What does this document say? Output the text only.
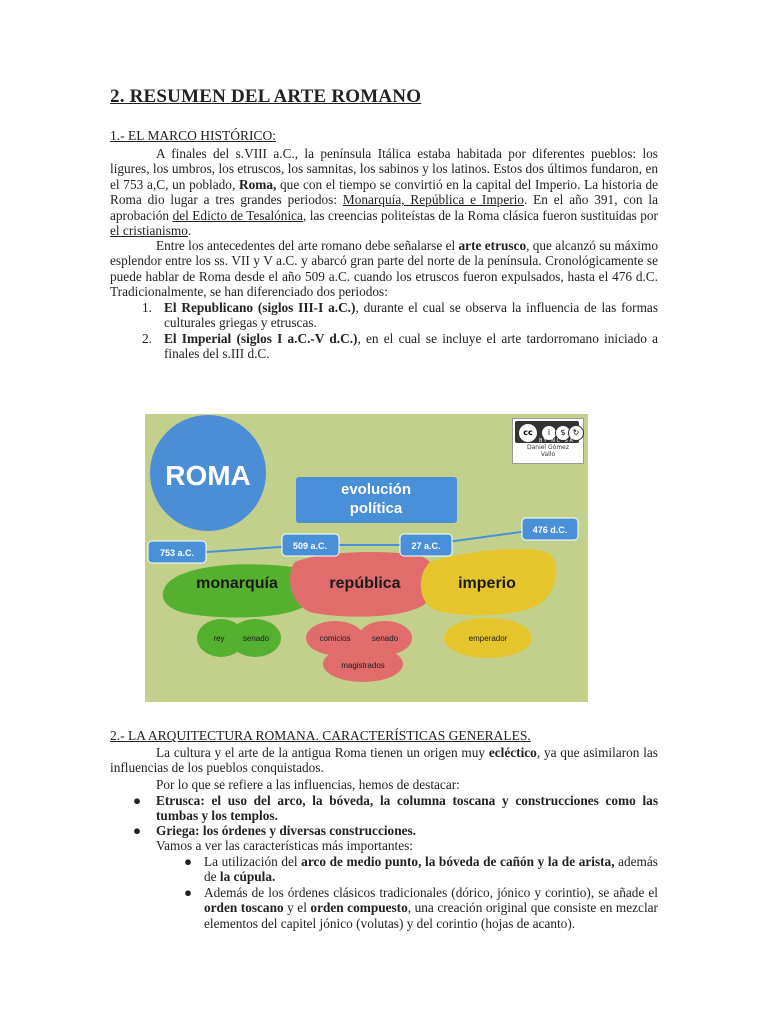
2. RESUMEN DEL ARTE ROMANO
1.- EL MARCO HISTÓRICO:

A finales del s.VIII a.C., la península Itálica estaba habitada por diferentes pueblos: los ligures, los umbros, los etruscos, los samnitas, los sabinos y los latinos. Estos dos últimos fundaron, en el 753 a,C, un poblado, Roma, que con el tiempo se convirtió en la capital del Imperio. La historia de Roma dio lugar a tres grandes periodos: Monarquía, República e Imperio. En el año 391, con la aprobación del Edicto de Tesalónica, las creencias politeístas de la Roma clásica fueron sustituidas por el cristianismo.

Entre los antecedentes del arte romano debe señalarse el arte etrusco, que alcanzó su máximo esplendor entre los ss. VII y V a.C. y abarcó gran parte del norte de la península. Cronológicamente se puede hablar de Roma desde el año 509 a.C. cuando los etruscos fueron expulsados, hasta el 476 d.C. Tradicionalmente, se han diferenciado dos periodos:

1. El Republicano (siglos III-I a.C.), durante el cual se observa la influencia de las formas culturales griegas y etruscas.
2. El Imperial (siglos I a.C.-V d.C.), en el cual se incluye el arte tardorromano iniciado a finales del s.III d.C.
ROMA	evolución
política
monarquía	república	imperio
753 a.C.
509 a.C.	27 a.C.
476 d.C.
rey senado	comicios	senado
magistrados
emperador
cc	i	$ ↻
BY NC SA
Daniel Gómez
Vallo
2.- LA ARQUITECTURA ROMANA. CARACTERÍSTICAS GENERALES.

La cultura y el arte de la antigua Roma tienen un origen muy ecléctico, ya que asimilaron las influencias de los pueblos conquistados.

Por lo que se refiere a las influencias, hemos de destacar:

●	Etrusca: el uso del arco, la bóveda, la columna toscana y construcciones como las tumbas y los templos.
●	Griega: los órdenes y diversas construcciones.

Vamos a ver las características más importantes:

● La utilización del arco de medio punto, la bóveda de cañón y la de arista, además de la cúpula.
● Además de los órdenes clásicos tradicionales (dórico, jónico y corintio), se añade el orden toscano y el orden compuesto, una creación original que consiste en mezclar elementos del capitel jónico (volutas) y del corintio (hojas de acanto).
